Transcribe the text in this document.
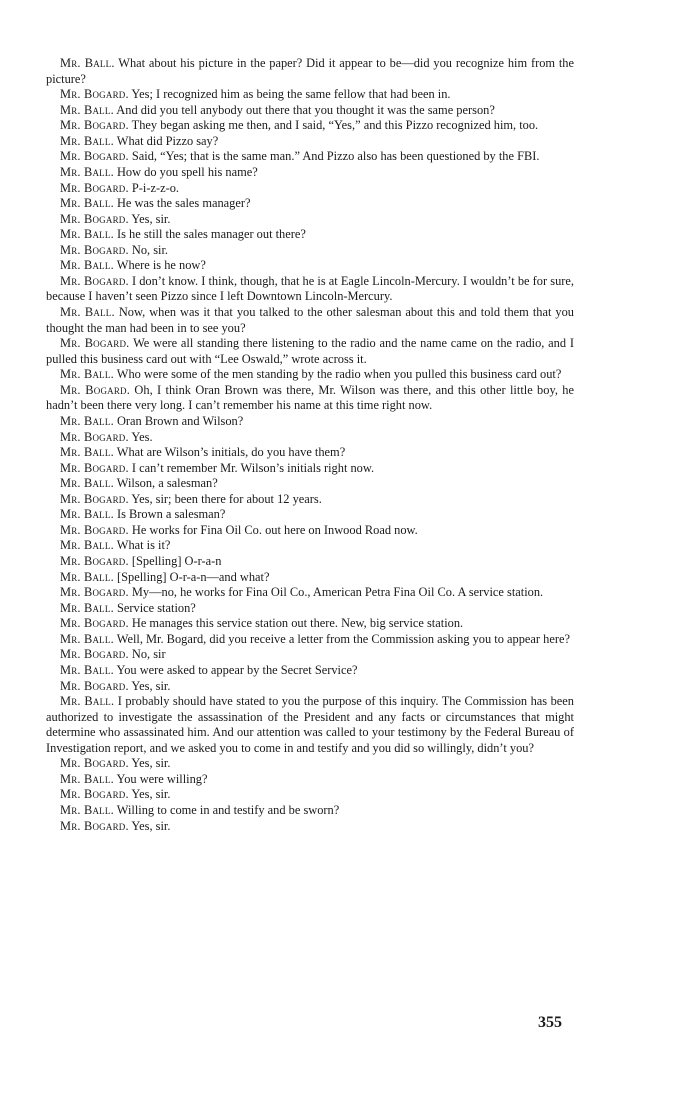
Mr. Ball. What about his picture in the paper? Did it appear to be—did you recognize him from the picture?

Mr. Bogard. Yes; I recognized him as being the same fellow that had been in.

Mr. Ball. And did you tell anybody out there that you thought it was the same person?

Mr. Bogard. They began asking me then, and I said, “Yes,” and this Pizzo recognized him, too.

Mr. Ball. What did Pizzo say?

Mr. Bogard. Said, “Yes; that is the same man.” And Pizzo also has been questioned by the FBI.

Mr. Ball. How do you spell his name?

Mr. Bogard. P-i-z-z-o.

Mr. Ball. He was the sales manager?

Mr. Bogard. Yes, sir.

Mr. Ball. Is he still the sales manager out there?

Mr. Bogard. No, sir.

Mr. Ball. Where is he now?

Mr. Bogard. I don’t know. I think, though, that he is at Eagle Lincoln-Mercury. I wouldn’t be for sure, because I haven’t seen Pizzo since I left Downtown Lincoln-Mercury.

Mr. Ball. Now, when was it that you talked to the other salesman about this and told them that you thought the man had been in to see you?

Mr. Bogard. We were all standing there listening to the radio and the name came on the radio, and I pulled this business card out with “Lee Oswald,” wrote across it.

Mr. Ball. Who were some of the men standing by the radio when you pulled this business card out?

Mr. Bogard. Oh, I think Oran Brown was there, Mr. Wilson was there, and this other little boy, he hadn’t been there very long. I can’t remember his name at this time right now.

Mr. Ball. Oran Brown and Wilson?

Mr. Bogard. Yes.

Mr. Ball. What are Wilson’s initials, do you have them?

Mr. Bogard. I can’t remember Mr. Wilson’s initials right now.

Mr. Ball. Wilson, a salesman?

Mr. Bogard. Yes, sir; been there for about 12 years.

Mr. Ball. Is Brown a salesman?

Mr. Bogard. He works for Fina Oil Co. out here on Inwood Road now.

Mr. Ball. What is it?

Mr. Bogard. [Spelling] O-r-a-n

Mr. Ball. [Spelling] O-r-a-n—and what?

Mr. Bogard. My—no, he works for Fina Oil Co., American Petra Fina Oil Co. A service station.

Mr. Ball. Service station?

Mr. Bogard. He manages this service station out there. New, big service station.

Mr. Ball. Well, Mr. Bogard, did you receive a letter from the Commission asking you to appear here?

Mr. Bogard. No, sir

Mr. Ball. You were asked to appear by the Secret Service?

Mr. Bogard. Yes, sir.

Mr. Ball. I probably should have stated to you the purpose of this inquiry. The Commission has been authorized to investigate the assassination of the President and any facts or circumstances that might determine who assassinated him. And our attention was called to your testimony by the Federal Bureau of Investigation report, and we asked you to come in and testify and you did so willingly, didn’t you?

Mr. Bogard. Yes, sir.

Mr. Ball. You were willing?

Mr. Bogard. Yes, sir.

Mr. Ball. Willing to come in and testify and be sworn?

Mr. Bogard. Yes, sir.

355
